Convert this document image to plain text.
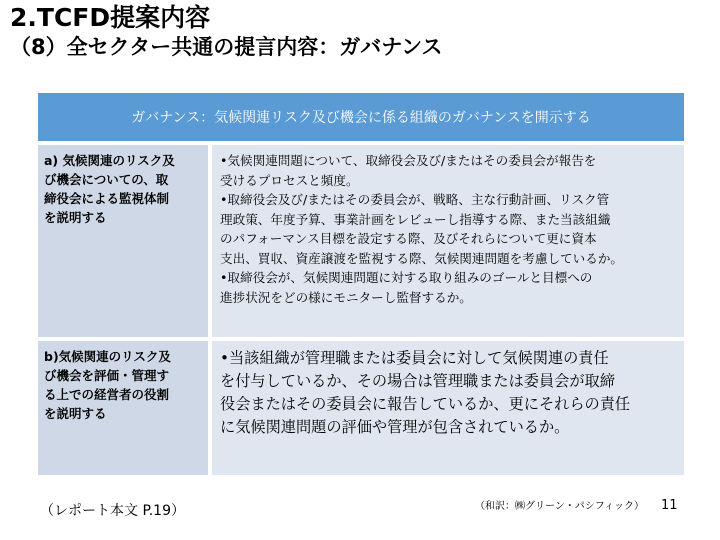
2.TCFD提案内容
（8）全セクター共通の提言内容：ガバナンス
ガバナンス：気候関連リスク及び機会に係る組織のガバナンスを開示する
a) 気候関連のリスク及
び機会についての、取
締役会による監視体制
を説明する
•気候関連問題について、取締役会及び/またはその委員会が報告を
受けるプロセスと頻度。
•取締役会及び/またはその委員会が、戦略、主な行動計画、リスク管
理政策、年度予算、事業計画をレビューし指導する際、また当該組織
のパフォーマンス目標を設定する際、及びそれらについて更に資本
支出、買収、資産譲渡を監視する際、気候関連問題を考慮しているか。
•取締役会が、気候関連問題に対する取り組みのゴールと目標への
進捗状況をどの様にモニターし監督するか。
b)気候関連のリスク及
び機会を評価・管理す
る上での経営者の役割
を説明する
•当該組織が管理職または委員会に対して気候関連の責任
を付与しているか、その場合は管理職または委員会が取締
役会またはその委員会に報告しているか、更にそれらの責任
に気候関連問題の評価や管理が包含されているか。
（レポート本文 P.19）	（和訳：㈱グリーン・パシフィック） 11
